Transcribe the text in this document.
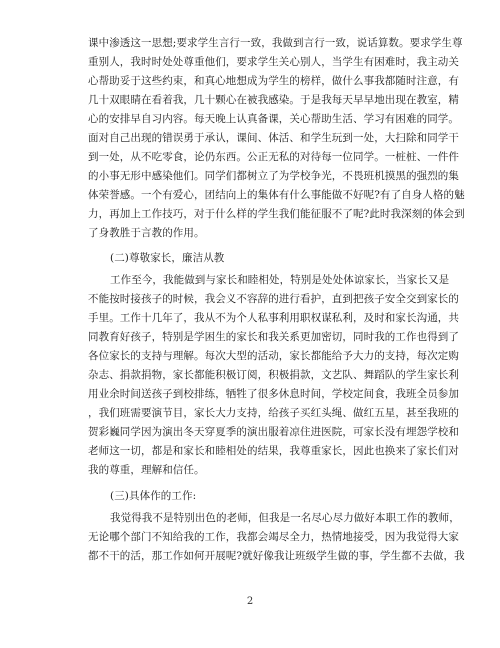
课中渗透这一思想;要求学生言行一致，我做到言行一致，说话算数。要求学生尊
重别人，我时时处处尊重他们，要求学生关心别人，当学生有困难时，我主动关
心帮助妥于这些约束，和真心地想成为学生的榜样，做什么事我都随时注意，有
几十双眼睛在看着我，几十颗心在被我感染。于是我每天早早地出现在教室，精
心的安排早自习内容。每天晚上认真备课，关心帮助生活、学习有困难的同学。
面对自己出现的错误勇于承认，课间、体活、和学生玩到一处，大扫除和同学干
到一处，从不吃零食，论仍东西。公正无私的对待每一位同学。一桩桩、一件件
的小事无形中感染他们。同学们都树立了为学校争光，不畏班机摸黑的强烈的集
体荣誉感。一个有爱心，团结向上的集体有什么事能做不好呢?有了自身人格的魅
力，再加上工作技巧，对于什么样的学生我们能征服不了呢?此时我深刻的体会到
了身教胜于言教的作用。
(二)尊敬家长，廉洁从教
工作至今，我能做到与家长和睦相处，特别是处处体谅家长，当家长又是
不能按时接孩子的时候，我会义不容辞的进行看护，直到把孩子安全交到家长的
手里。工作十几年了，我从不为个人私事利用职权谋私利，及时和家长沟通，共
同教育好孩子，特别是学困生的家长和我关系更加密切，同时我的工作也得到了
各位家长的支持与理解。每次大型的活动，家长都能给予大力的支持，每次定购
杂志、捐款捐物，家长都能积极订阅，积极捐款，文艺队、舞蹈队的学生家长利
用业余时间送孩子到校排练，牺牲了很多休息时间，学校定间食，我班全员参加
，我们班需要演节目，家长大力支持，给孩子买红头绳、做红五星，甚至我班的
贺彩巍同学因为演出冬天穿夏季的演出服着凉住进医院，可家长没有埋怨学校和
老师这一切，都是和家长和睦相处的结果，我尊重家长，因此也换来了家长们对
我的尊重，理解和信任。
(三)具体作的工作:
我觉得我不是特别出色的老师，但我是一名尽心尽力做好本职工作的教师，
无论哪个部门不知给我的工作，我都会竭尽全力，热情地接受，因为我觉得大家
都不干的活，那工作如何开展呢?就好像我让班级学生做的事，学生都不去做，我
2
